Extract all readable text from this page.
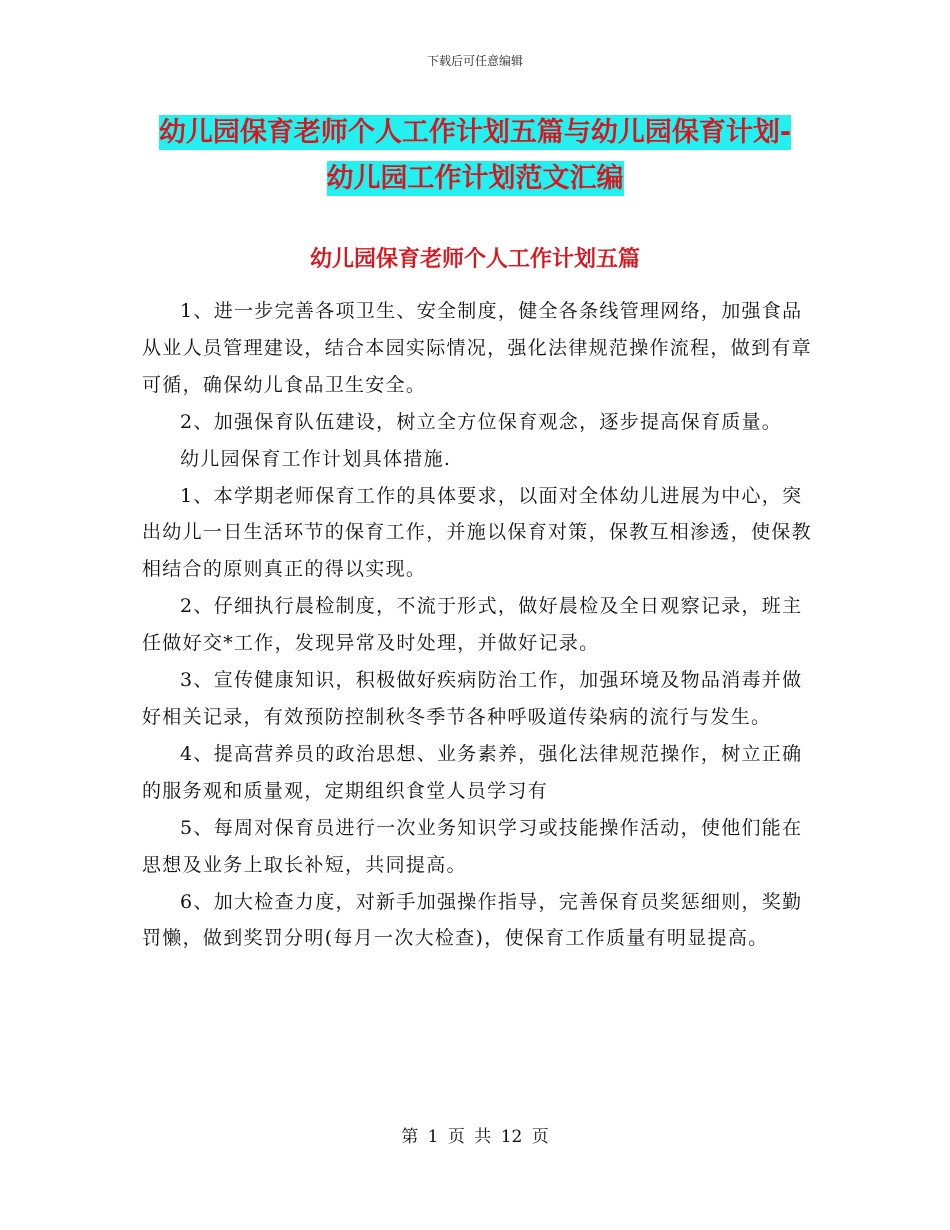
下载后可任意编辑
幼儿园保育老师个人工作计划五篇与幼儿园保育计划-
幼儿园工作计划范文汇编
幼儿园保育老师个人工作计划五篇

1、进一步完善各项卫生、安全制度，健全各条线管理网络，加强食品从业人员管理建设，结合本园实际情况，强化法律规范操作流程，做到有章可循，确保幼儿食品卫生安全。

2、加强保育队伍建设，树立全方位保育观念，逐步提高保育质量。

幼儿园保育工作计划具体措施.

1、本学期老师保育工作的具体要求，以面对全体幼儿进展为中心，突出幼儿一日生活环节的保育工作，并施以保育对策，保教互相渗透，使保教相结合的原则真正的得以实现。

2、仔细执行晨检制度，不流于形式，做好晨检及全日观察记录，班主任做好交*工作，发现异常及时处理，并做好记录。

3、宣传健康知识，积极做好疾病防治工作，加强环境及物品消毒并做好相关记录，有效预防控制秋冬季节各种呼吸道传染病的流行与发生。

4、提高营养员的政治思想、业务素养，强化法律规范操作，树立正确的服务观和质量观，定期组织食堂人员学习有

5、每周对保育员进行一次业务知识学习或技能操作活动，使他们能在思想及业务上取长补短，共同提高。

6、加大检查力度，对新手加强操作指导，完善保育员奖惩细则，奖勤罚懒，做到奖罚分明(每月一次大检查)，使保育工作质量有明显提高。

第 1 页 共 12 页
